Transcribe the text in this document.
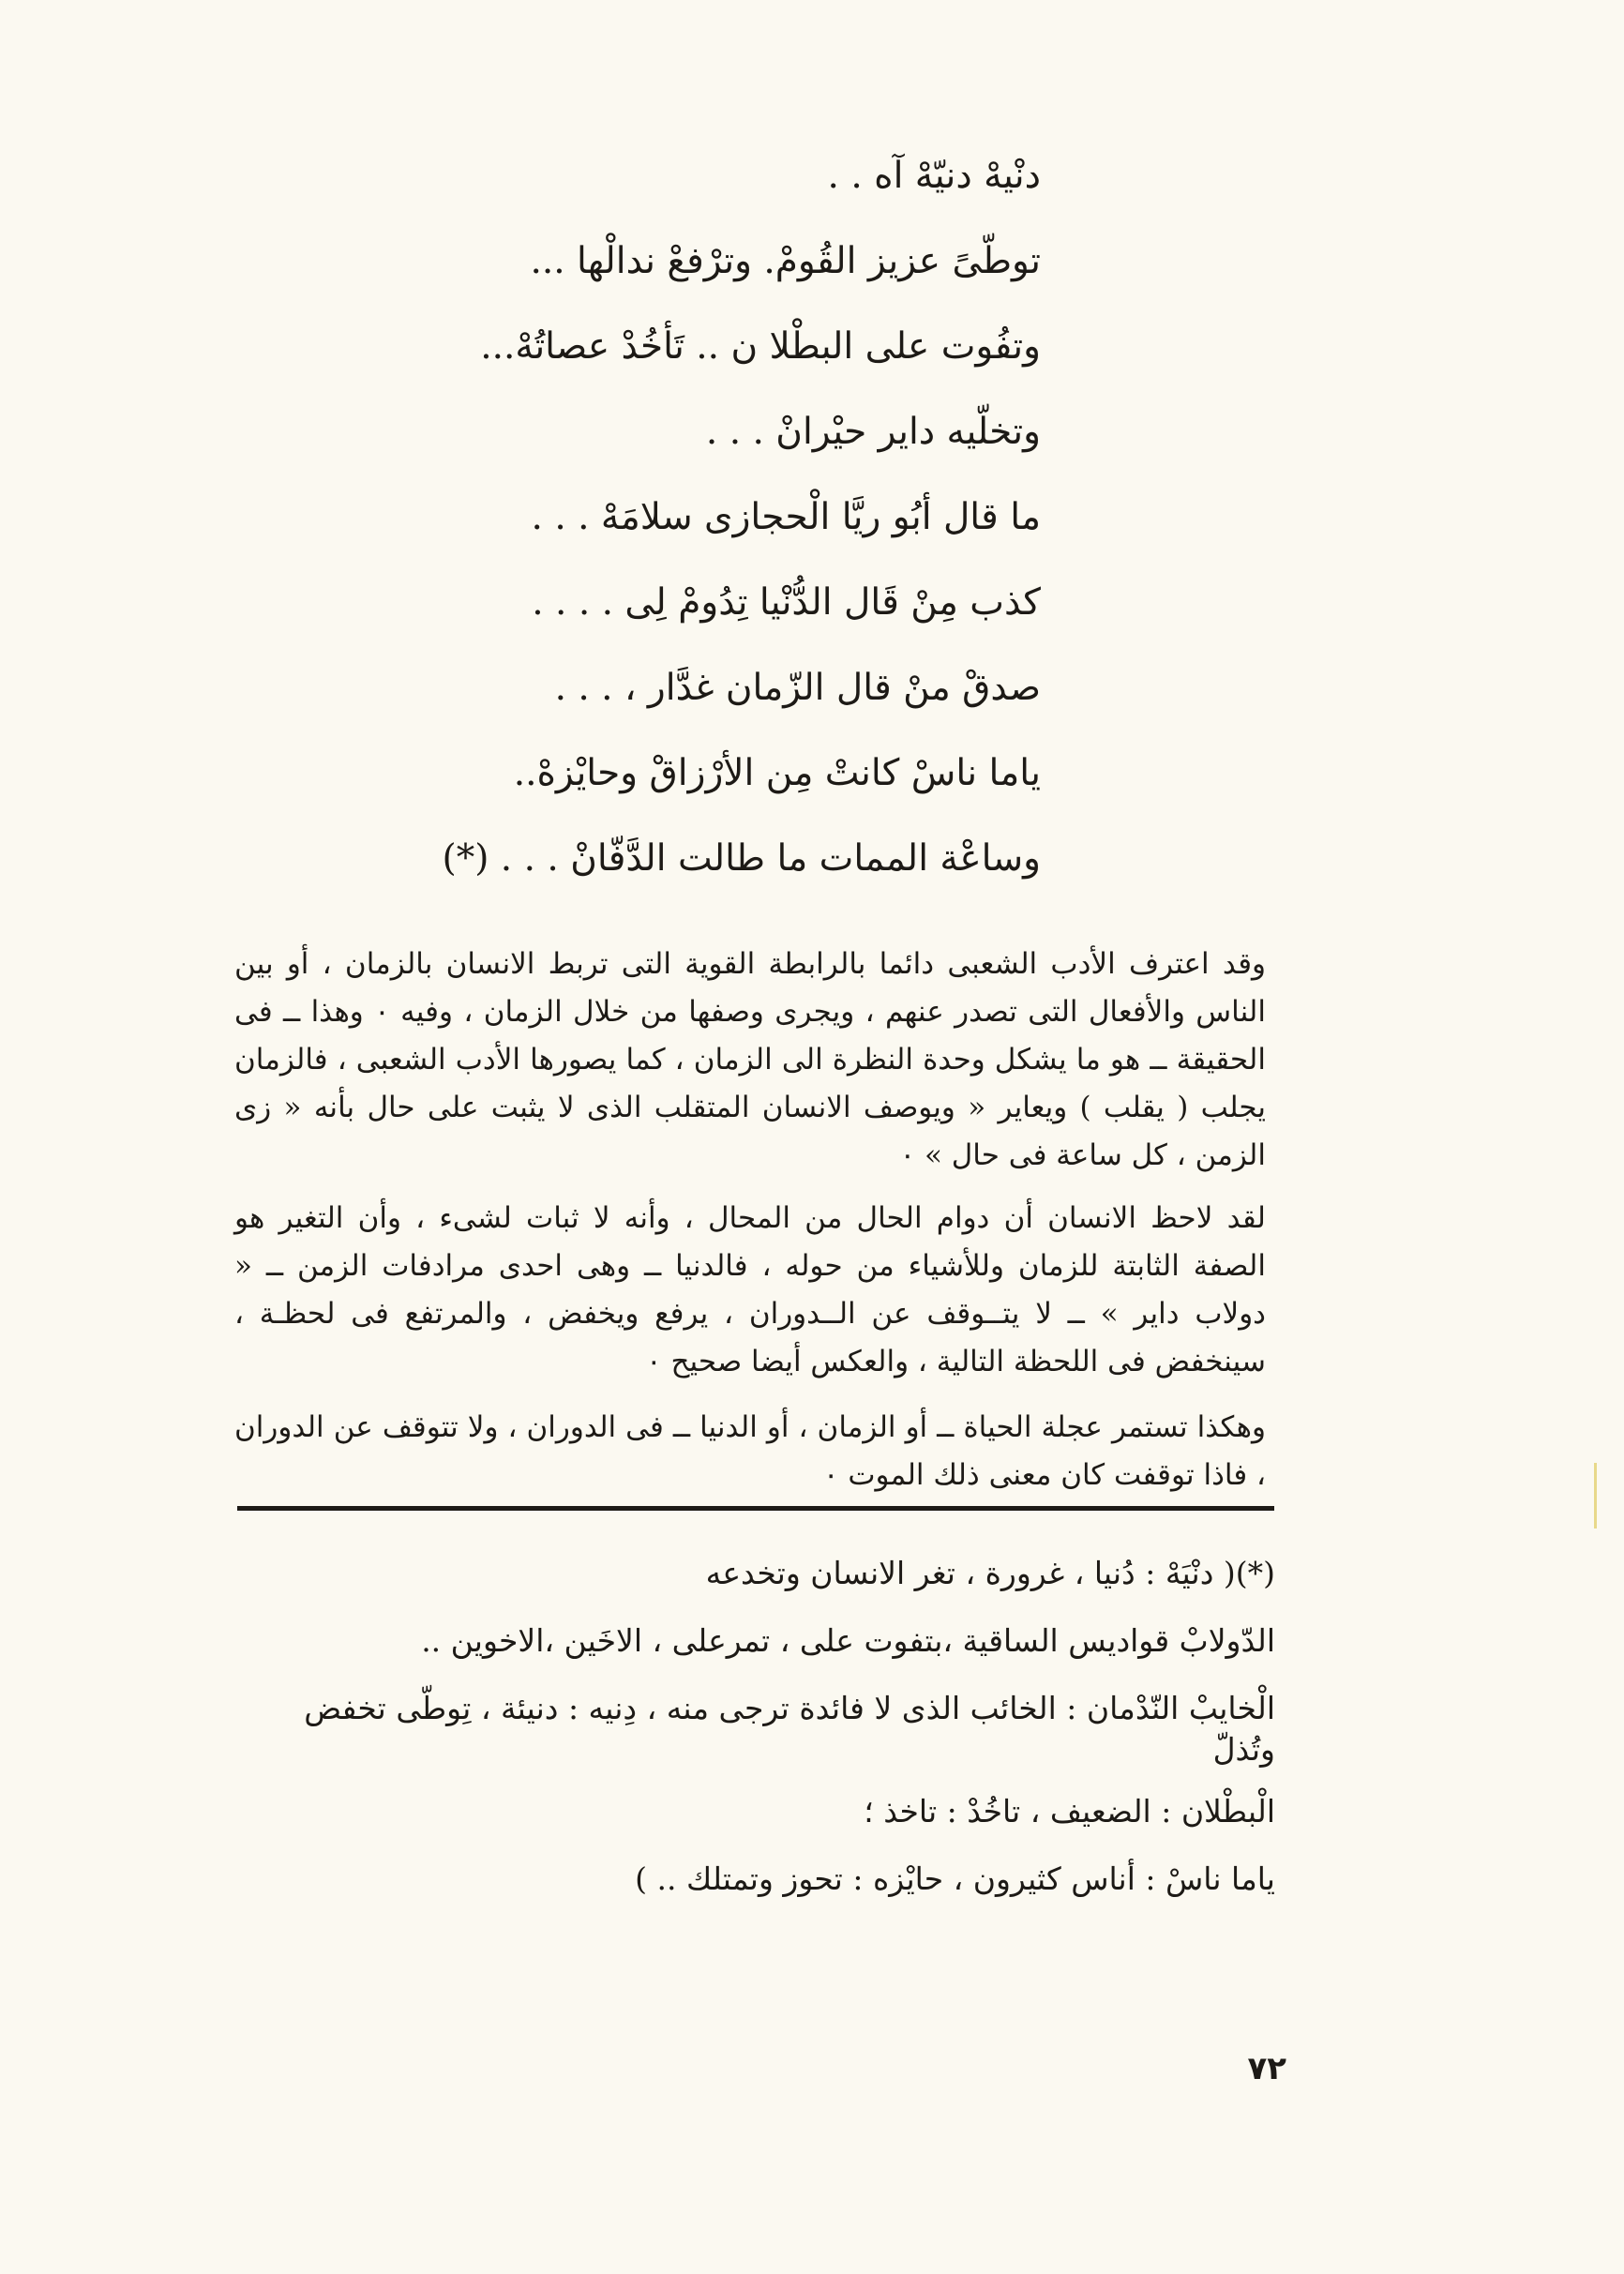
دنْيهْ دنيّهْ آه . .
توطّىً عزيز القُومْ. وترْفعْ ندالْها ...
وتفُوت على البطْلا ن .. تَأخُدْ عصاتُهْ...
وتخلّيه داير حيْرانْ . . .
ما قال أبُو ريَّا الْحجازى سلامَهْ . . .
كذب مِنْ قَال الدُّنْيا تِدُومْ لِى . . . .
صدقْ منْ قال الزّمان غدَّار ، . . .
ياما ناسْ كانتْ مِن الأرْزاقْ وحايْزهْ..
وساعْة الممات ما طالت الدَّفّانْ . . . (*)

وقد اعترف الأدب الشعبى دائما بالرابطة القوية التى تربط الانسان بالزمان ، أو بين الناس والأفعال التى تصدر عنهم ، ويجرى وصفها من خلال الزمان ، وفيه ٠ وهذا ــ فى الحقيقة ــ هو ما يشكل وحدة النظرة الى الزمان ، كما يصورها الأدب الشعبى ، فالزمان يجلب ( يقلب ) ويعاير « ويوصف الانسان المتقلب الذى لا يثبت على حال بأنه « زى الزمن ، كل ساعة فى حال » ٠

لقد لاحظ الانسان أن دوام الحال من المحال ، وأنه لا ثبات لشىء ، وأن التغير هو الصفة الثابتة للزمان وللأشياء من حوله ، فالدنيا ــ وهى احدى مرادفات الزمن ــ « دولاب داير » ــ لا يتــوقف عن الــدوران ، يرفع ويخفض ، والمرتفع فى لحظـة ، سينخفض فى اللحظة التالية ، والعكس أيضا صحيح ٠

وهكذا تستمر عجلة الحياة ــ أو الزمان ، أو الدنيا ــ فى الدوران ، ولا تتوقف عن الدوران ، فاذا توقفت كان معنى ذلك الموت ٠

(*)( دنْيَهْ : دُنيا ، غرورة ، تغر الانسان وتخدعه
الدّولابْ قواديس الساقية ،بتفوت على ، تمرعلى ، الاخَين ،الاخوين ..
الْخايبْ النّدْمان : الخائب الذى لا فائدة ترجى منه ، دِنيه : دنيئة ، تِوطّى تخفض وتُذلّ
الْبطْلان : الضعيف ، تاخُدْ : تاخذ ؛
ياما ناسْ : أناس كثيرون ، حايْزه : تحوز وتمتلك .. )
٧٢
